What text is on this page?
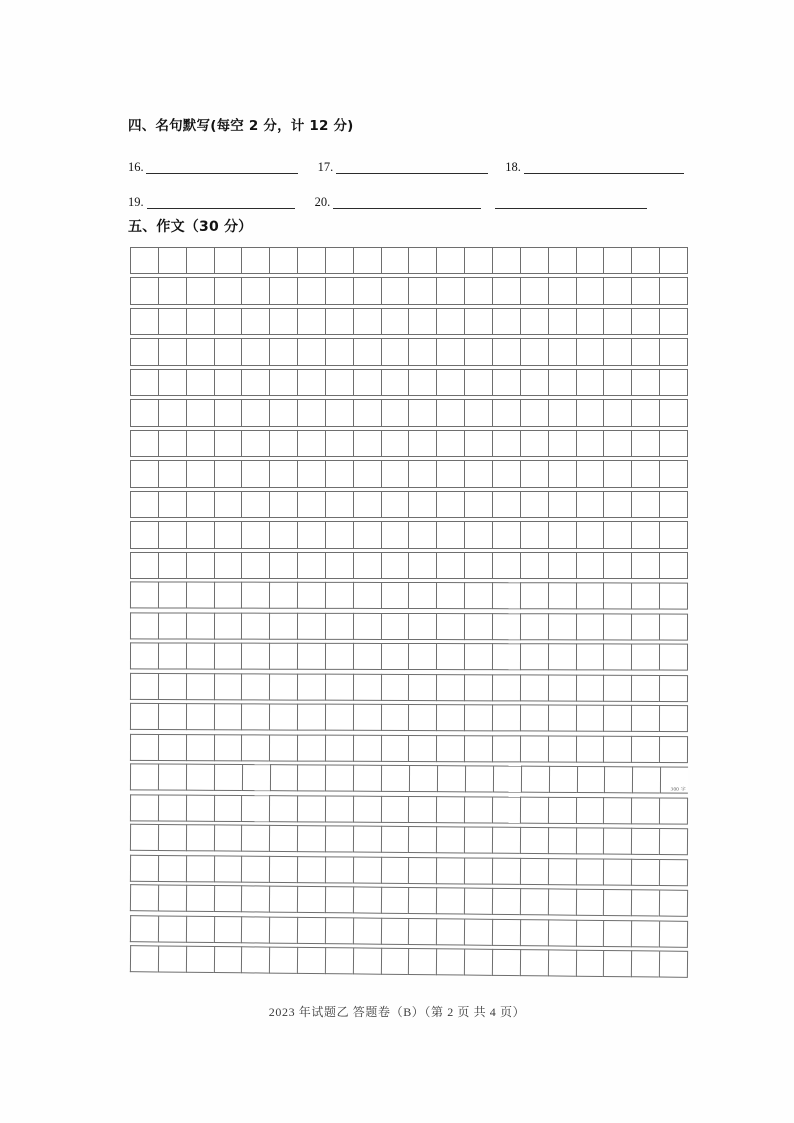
四、名句默写(每空 2 分，计 12 分)
16.	17.	18.
19.	20.
五、作文（30 分）
300 字
2023 年试题乙 答题卷（B）（第 2 页 共 4 页）
